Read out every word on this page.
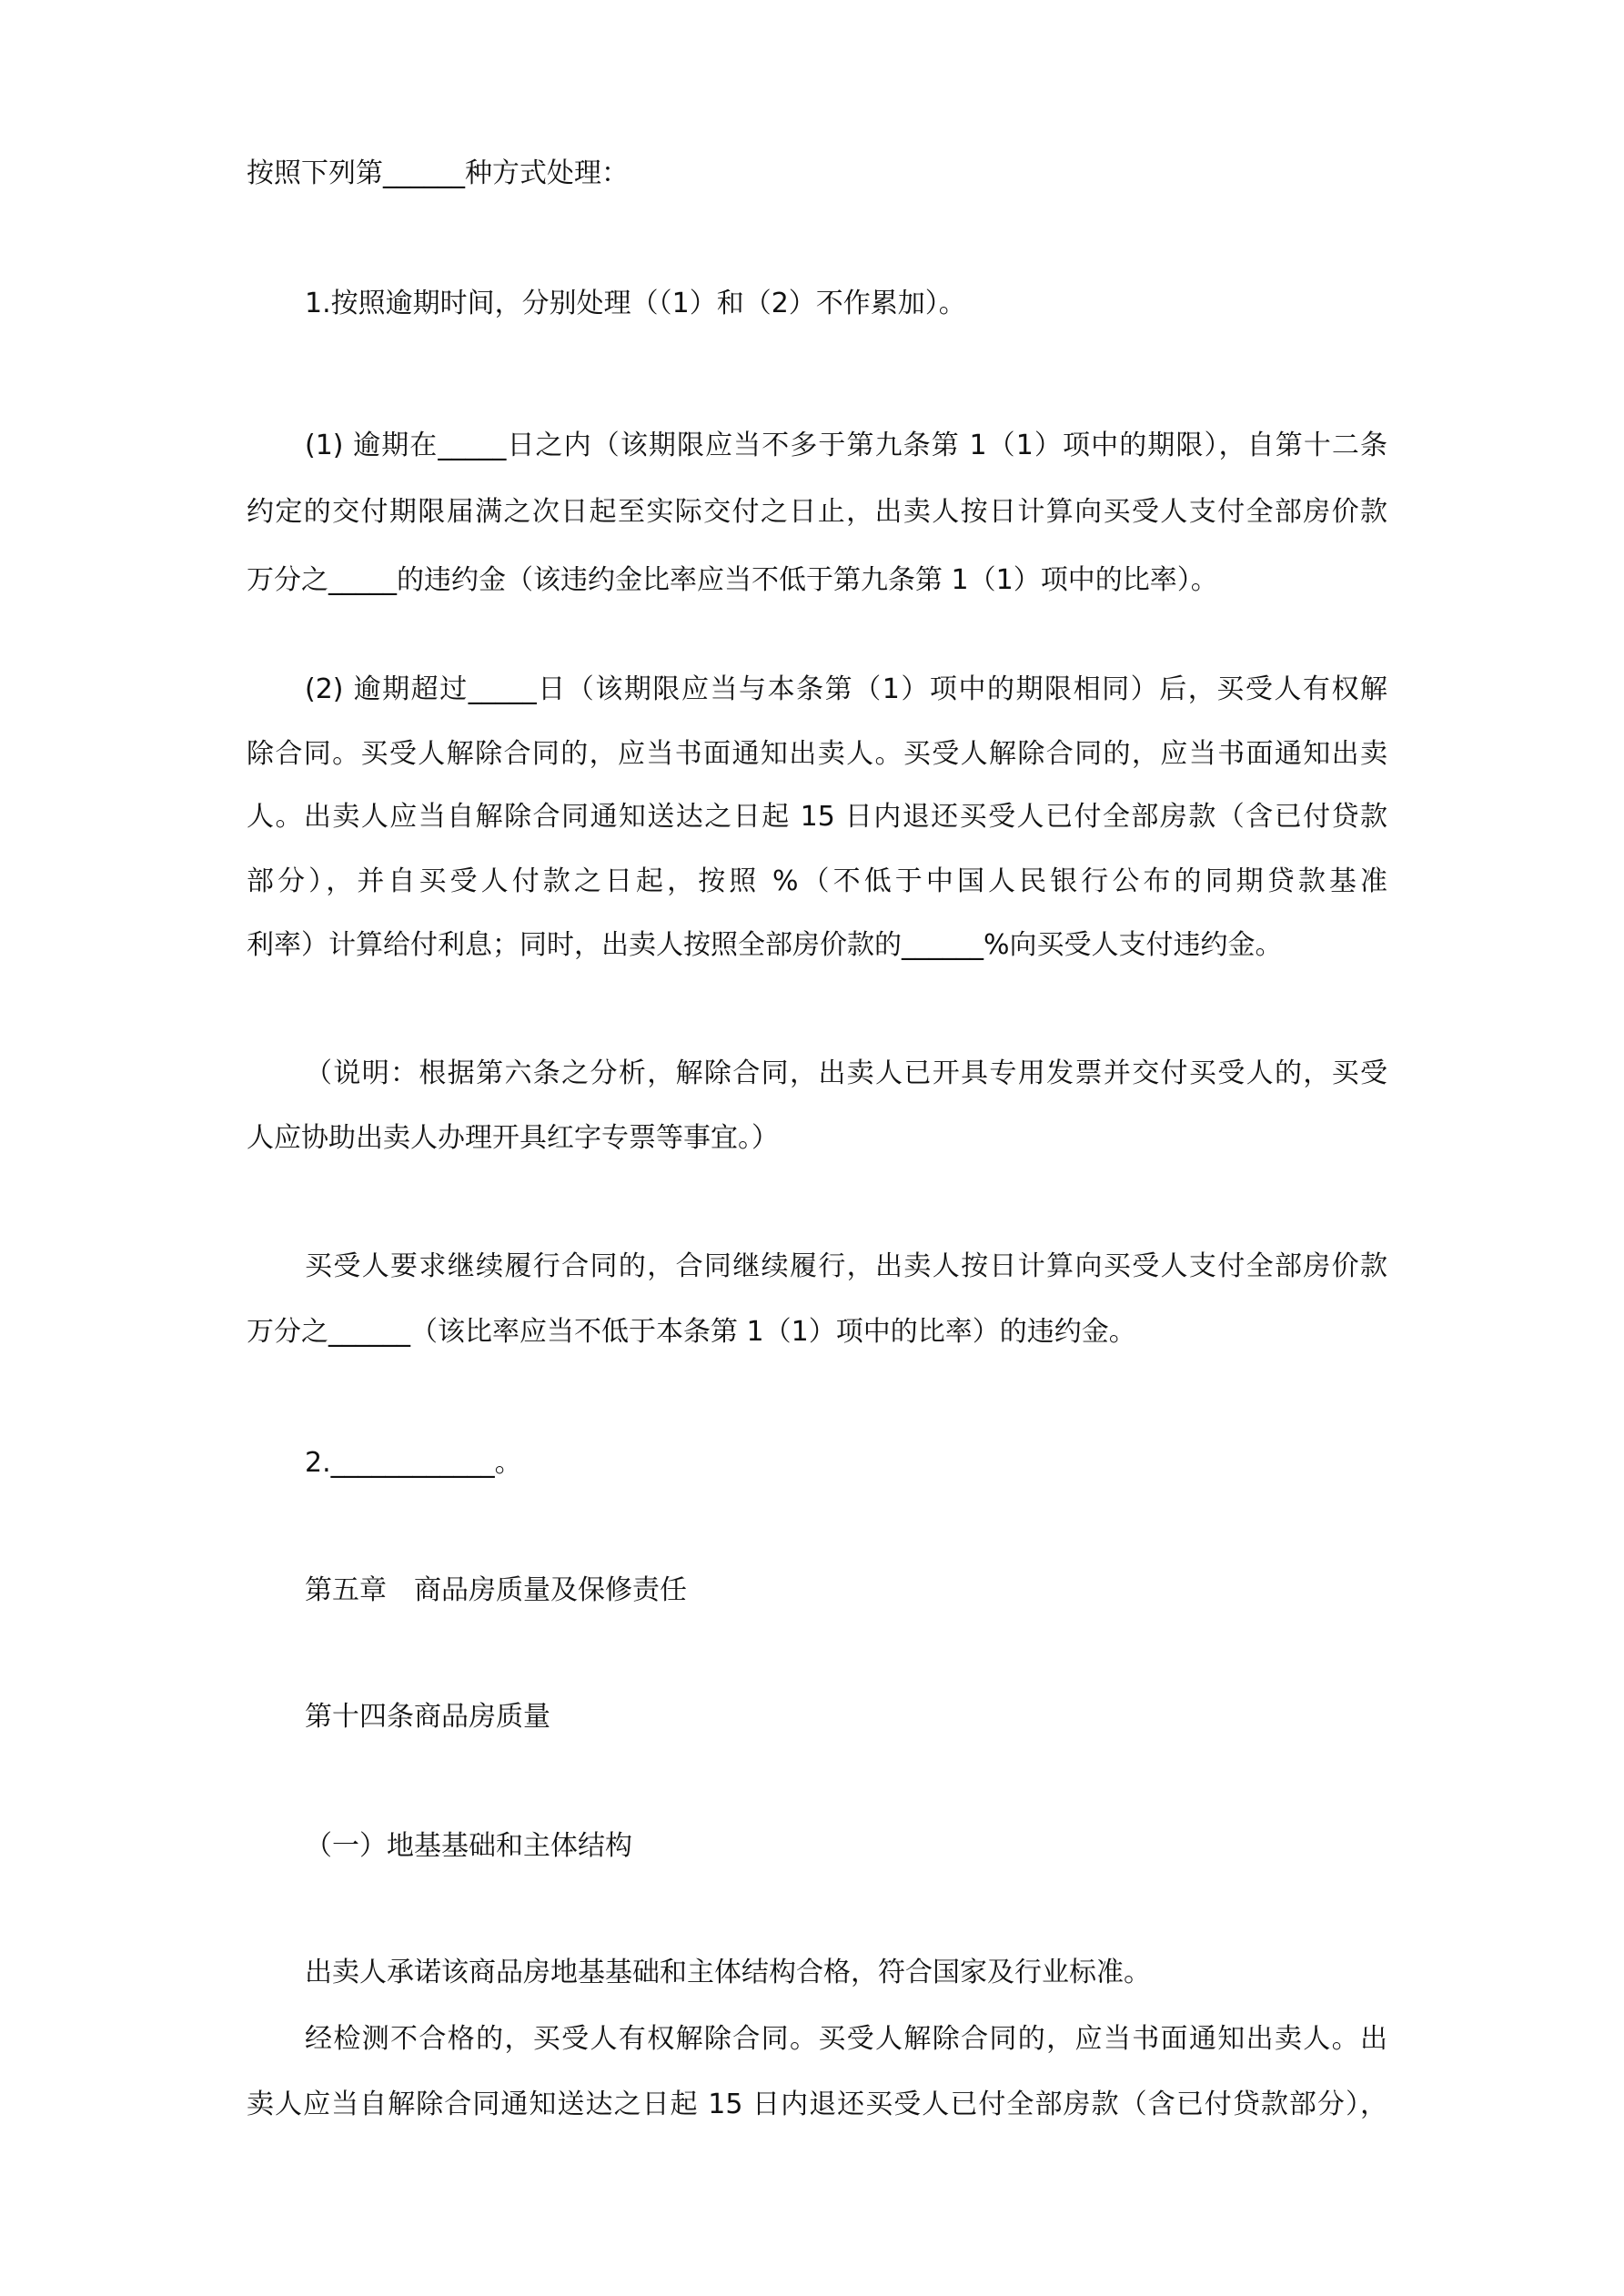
按照下列第______种方式处理：
1.按照逾期时间，分别处理（（1）和（2）不作累加）。
(1) 逾期在_____日之内（该期限应当不多于第九条第 1（1）项中的期限），自第十二条
约定的交付期限届满之次日起至实际交付之日止，出卖人按日计算向买受人支付全部房价款
万分之_____的违约金（该违约金比率应当不低于第九条第 1（1）项中的比率）。
(2) 逾期超过_____日（该期限应当与本条第（1）项中的期限相同）后，买受人有权解
除合同。买受人解除合同的，应当书面通知出卖人。买受人解除合同的，应当书面通知出卖
人。出卖人应当自解除合同通知送达之日起 15 日内退还买受人已付全部房款（含已付贷款
部分），并自买受人付款之日起，按照 %（不低于中国人民银行公布的同期贷款基准
利率）计算给付利息；同时，出卖人按照全部房价款的______%向买受人支付违约金。
（说明：根据第六条之分析，解除合同，出卖人已开具专用发票并交付买受人的，买受
人应协助出卖人办理开具红字专票等事宜。）
买受人要求继续履行合同的，合同继续履行，出卖人按日计算向买受人支付全部房价款
万分之______（该比率应当不低于本条第 1（1）项中的比率）的违约金。
2.____________。
第五章　商品房质量及保修责任
第十四条商品房质量
（一）地基基础和主体结构
出卖人承诺该商品房地基基础和主体结构合格，符合国家及行业标准。
经检测不合格的，买受人有权解除合同。买受人解除合同的，应当书面通知出卖人。出
卖人应当自解除合同通知送达之日起 15 日内退还买受人已付全部房款（含已付贷款部分），
